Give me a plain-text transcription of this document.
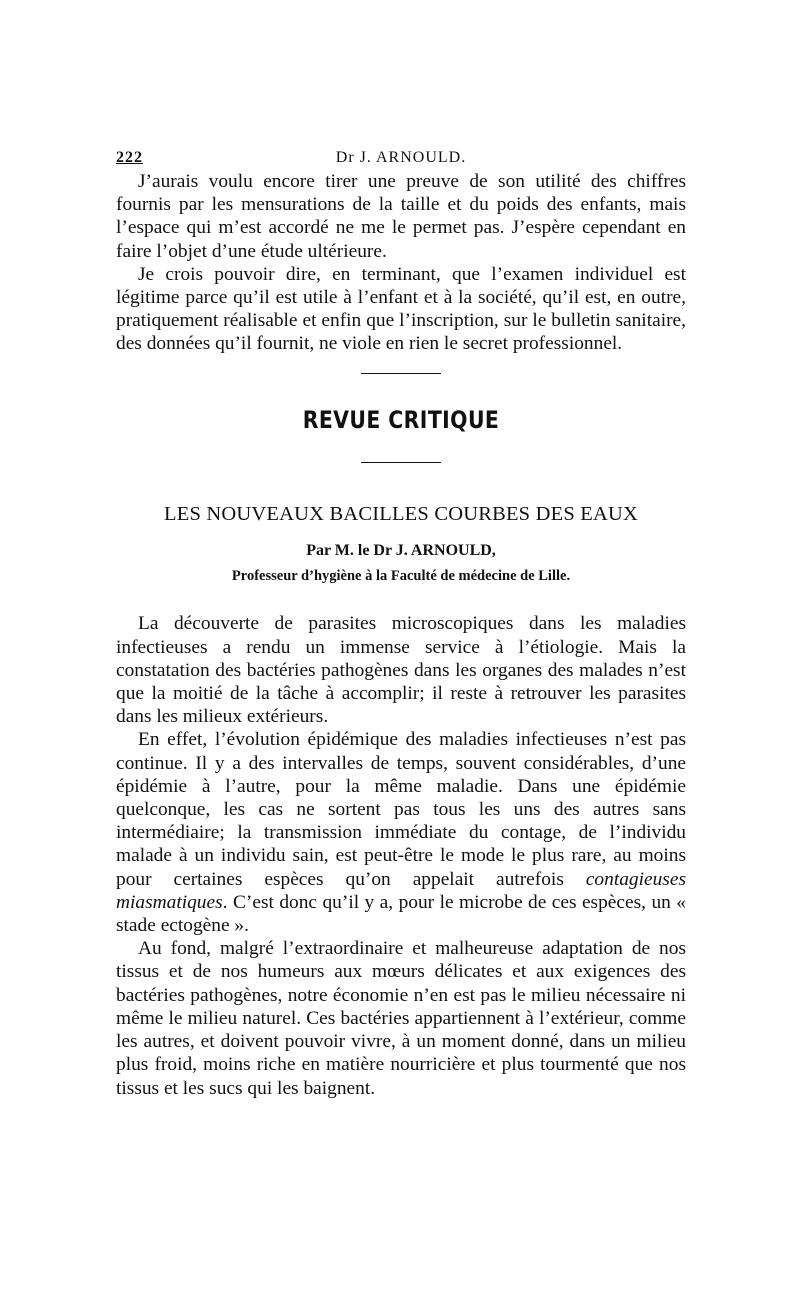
222	Dr J. ARNOULD.

J’aurais voulu encore tirer une preuve de son utilité des chiffres fournis par les mensurations de la taille et du poids des enfants, mais l’espace qui m’est accordé ne me le permet pas. J’espère cependant en faire l’objet d’une étude ultérieure.

Je crois pouvoir dire, en terminant, que l’examen individuel est légitime parce qu’il est utile à l’enfant et à la société, qu’il est, en outre, pratiquement réalisable et enfin que l’inscription, sur le bulletin sanitaire, des données qu’il fournit, ne viole en rien le secret professionnel.

REVUE CRITIQUE
LES NOUVEAUX BACILLES COURBES DES EAUX
Par M. le Dr J. ARNOULD,
Professeur d’hygiène à la Faculté de médecine de Lille.

La découverte de parasites microscopiques dans les maladies infectieuses a rendu un immense service à l’étiologie. Mais la constatation des bactéries pathogènes dans les organes des malades n’est que la moitié de la tâche à accomplir; il reste à retrouver les parasites dans les milieux extérieurs.

En effet, l’évolution épidémique des maladies infectieuses n’est pas continue. Il y a des intervalles de temps, souvent considérables, d’une épidémie à l’autre, pour la même maladie. Dans une épidémie quelconque, les cas ne sortent pas tous les uns des autres sans intermédiaire; la transmission immédiate du contage, de l’individu malade à un individu sain, est peut-être le mode le plus rare, au moins pour certaines espèces qu’on appelait autrefois contagieuses miasmatiques. C’est donc qu’il y a, pour le microbe de ces espèces, un « stade ectogène ».

Au fond, malgré l’extraordinaire et malheureuse adaptation de nos tissus et de nos humeurs aux mœurs délicates et aux exigences des bactéries pathogènes, notre économie n’en est pas le milieu nécessaire ni même le milieu naturel. Ces bactéries appartiennent à l’extérieur, comme les autres, et doivent pouvoir vivre, à un moment donné, dans un milieu plus froid, moins riche en matière nourricière et plus tourmenté que nos tissus et les sucs qui les baignent.
